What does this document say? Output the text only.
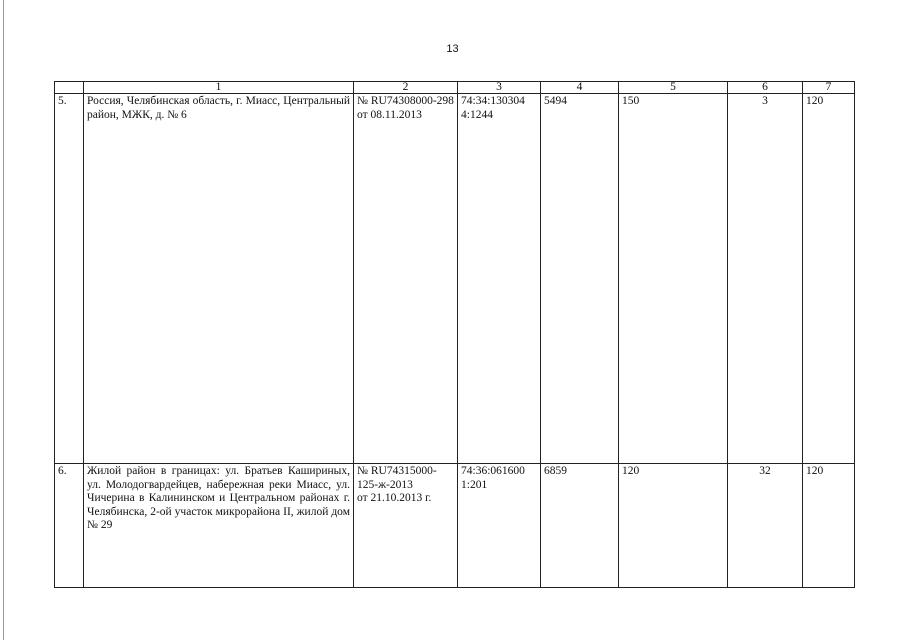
13
	1	2	3	4	5	6	7
5.	Россия, Челябинская область, г. Миасс, Центральный район, МЖК, д. № 6	№ RU74308000-298
от 08.11.2013	74:34:130304 4:1244	5494	150	3	120
6.	Жилой район в границах: ул. Братьев Кашириных, ул. Молодогвардейцев, набережная реки Миасс, ул. Чичерина в Калининском и Центральном районах г. Челябинска, 2-ой участок микрорайона II, жилой дом № 29	№ RU74315000-125-ж-2013
от 21.10.2013 г.	74:36:061600 1:201	6859	120	32	120
